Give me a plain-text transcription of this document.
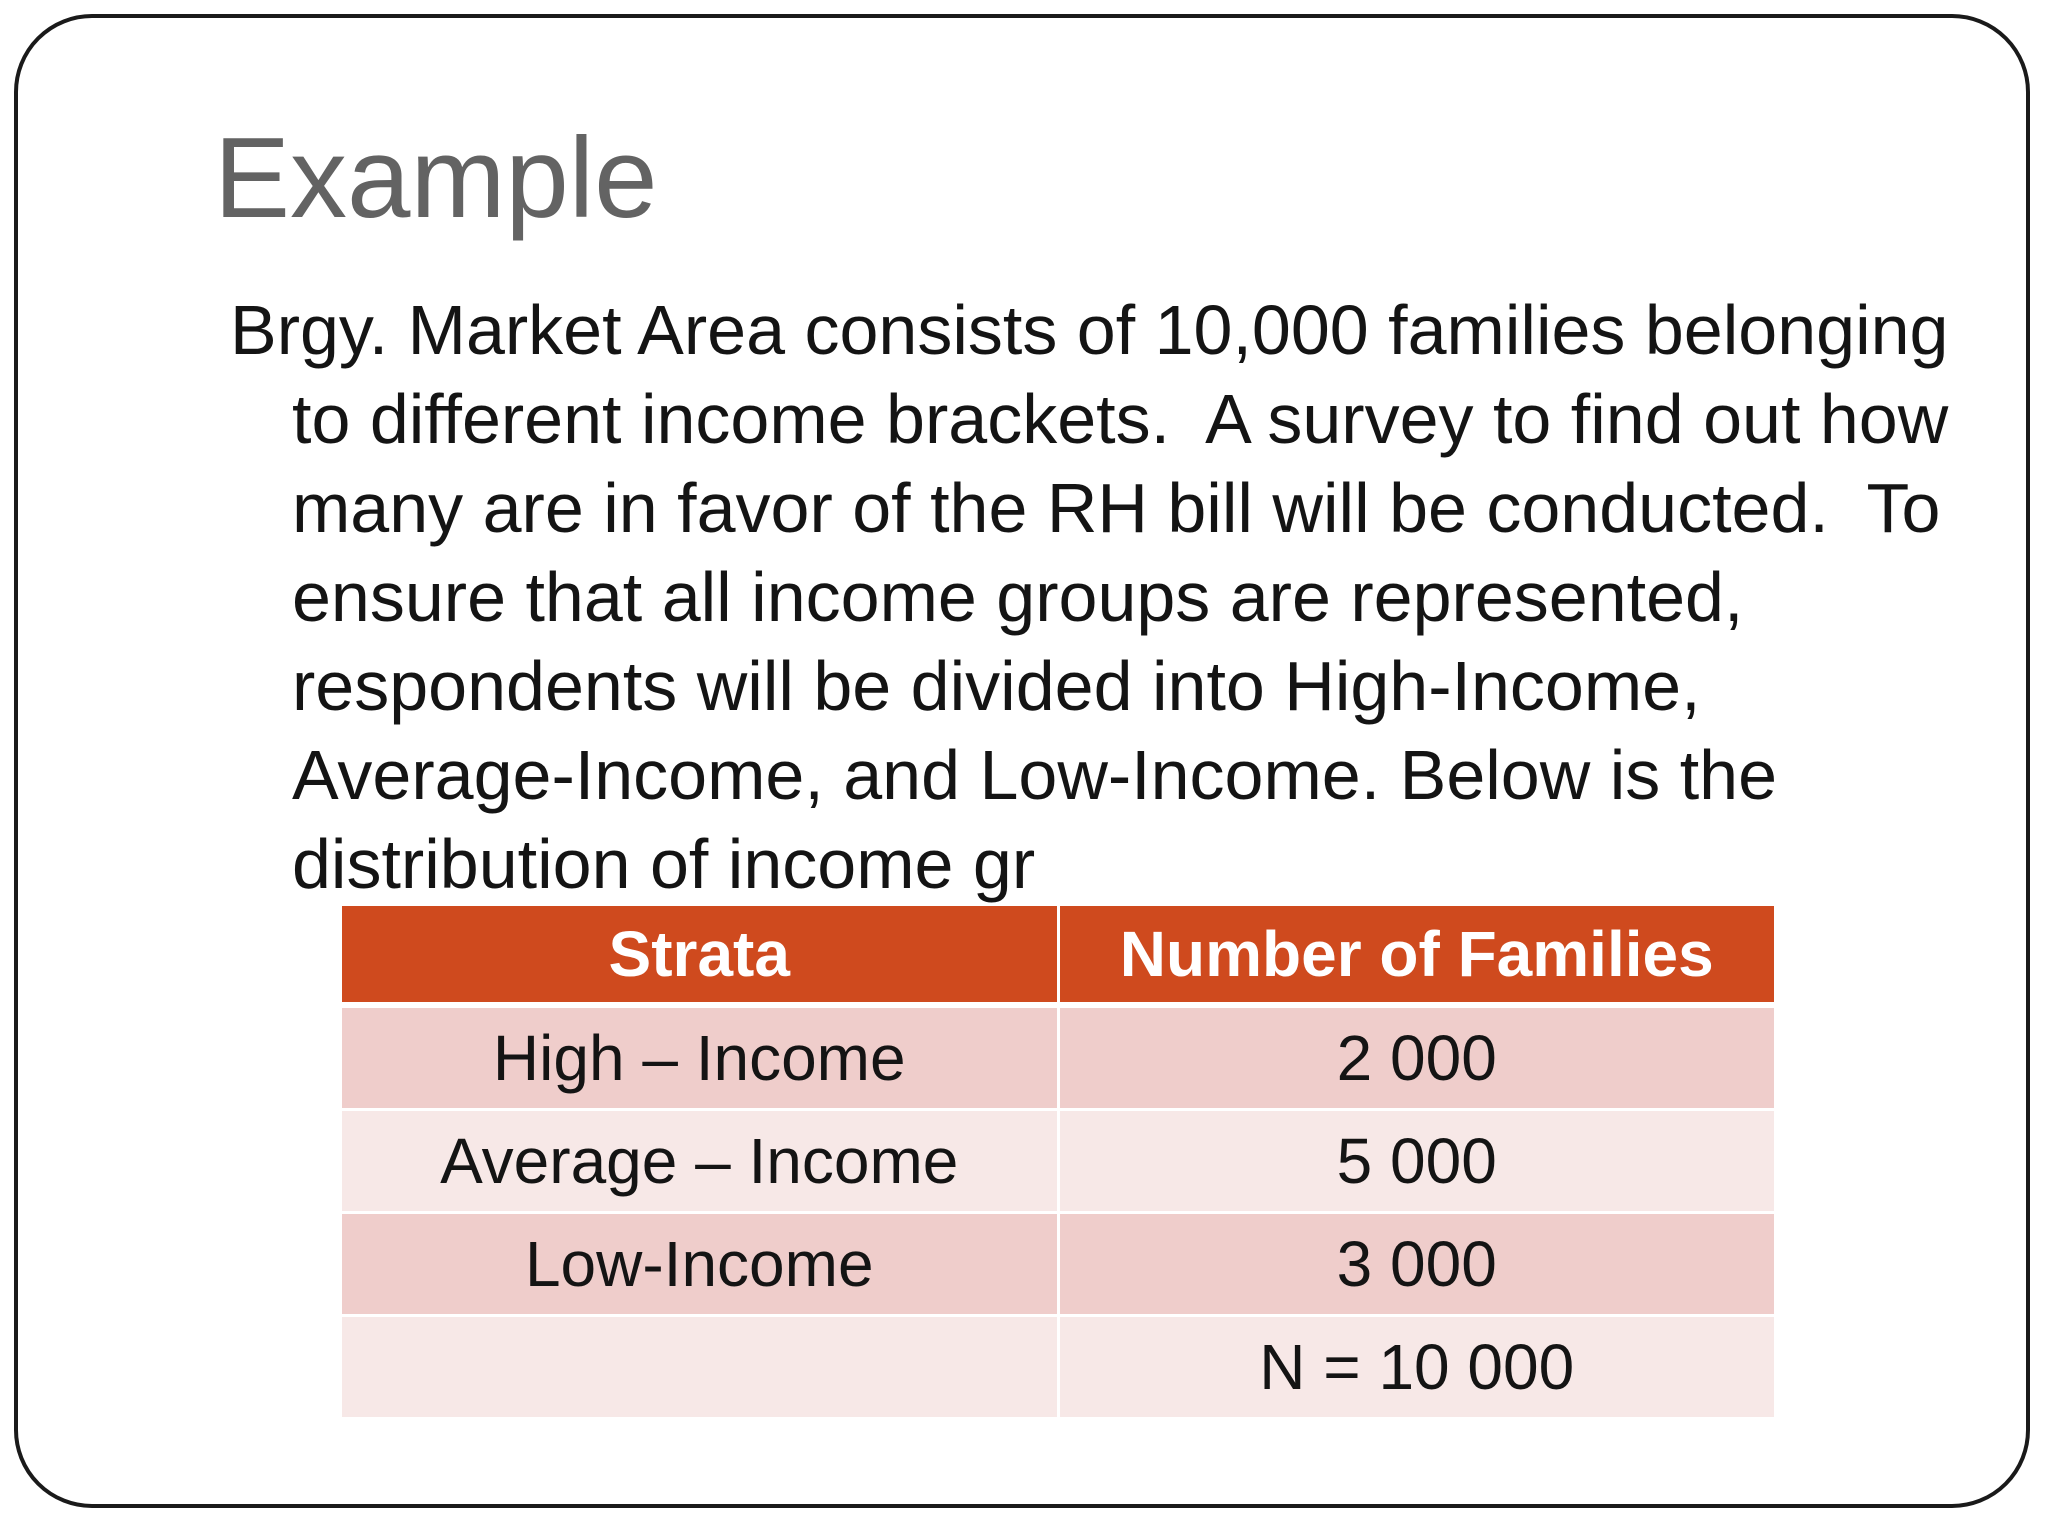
Example

Brgy. Market Area consists of 10,000 families belonging to different income brackets.  A survey to find out how many are in favor of the RH bill will be conducted.  To ensure that all income groups are represented, respondents will be divided into High-Income, Average-Income, and Low-Income. Below is the distribution of income gr

Strata	Number of Families
High – Income	2 000
Average – Income	5 000
Low-Income	3 000
	N = 10 000
